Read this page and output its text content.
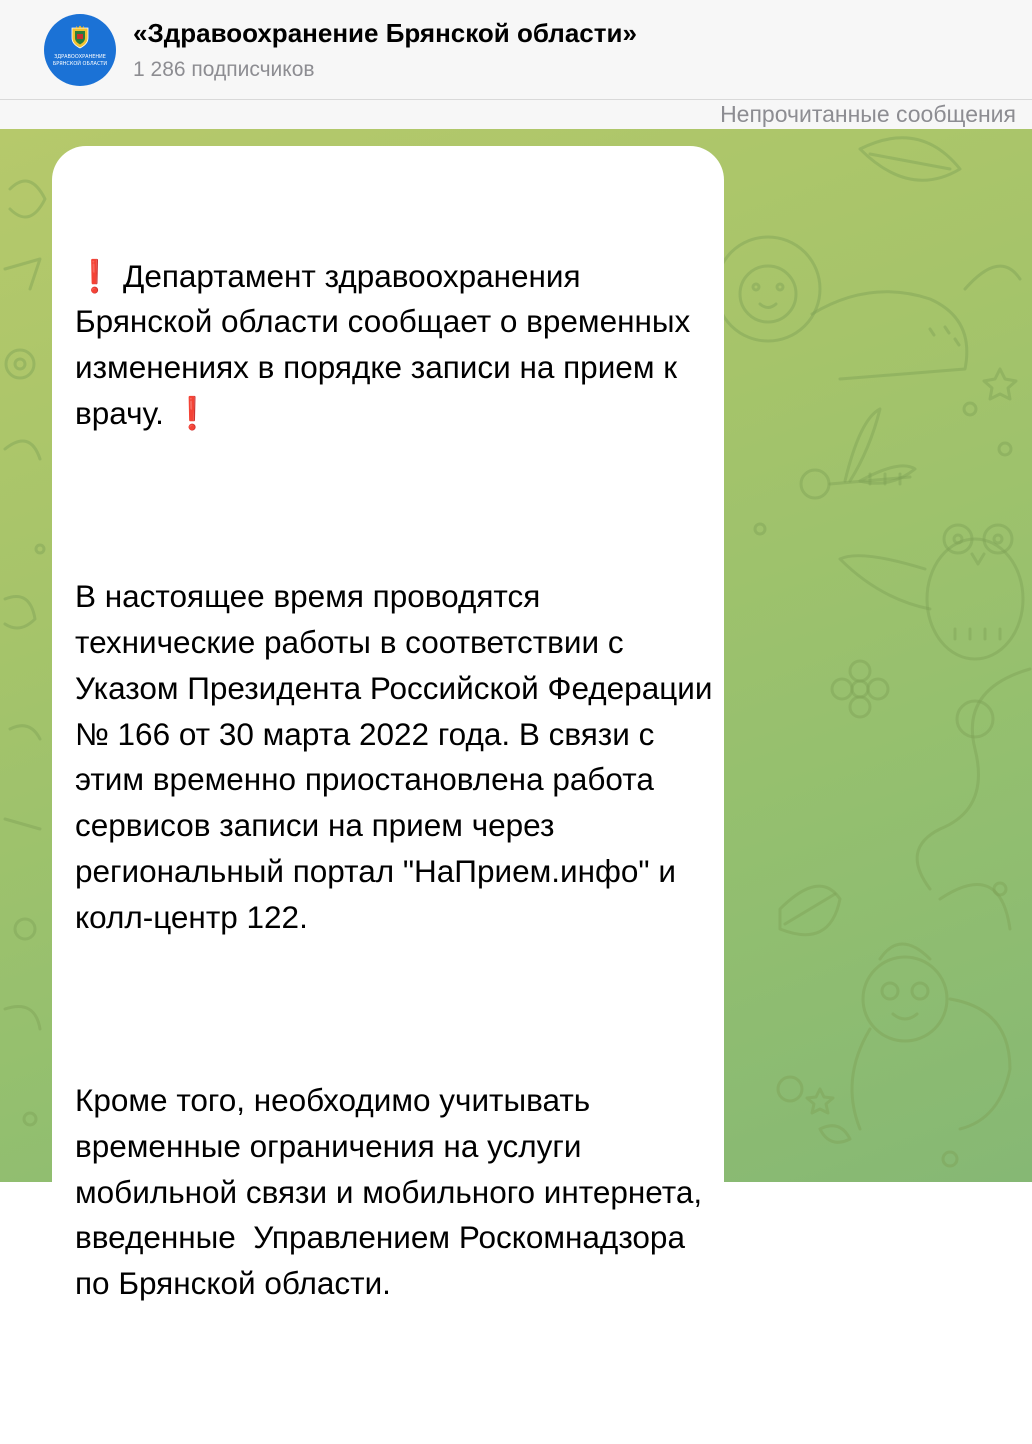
ЗДРАВООХРАНЕНИЕ
БРЯНСКОЙ ОБЛАСТИ
«Здравоохранение Брянской области»
1 286 подписчиков
Непрочитанные сообщения

❗ Департамент здравоохранения Брянской области сообщает о временных изменениях в порядке записи на прием к врачу. ❗

В настоящее время проводятся технические работы в соответствии с Указом Президента Российской Федерации № 166 от 30 марта 2022 года. В связи с этим временно приостановлена работа сервисов записи на прием через региональный портал "НаПрием.инфо" и колл-центр 122.

Кроме того, необходимо учитывать временные ограничения на услуги мобильной связи и мобильного интернета, введенные  Управлением Роскомнадзора по Брянской области.
